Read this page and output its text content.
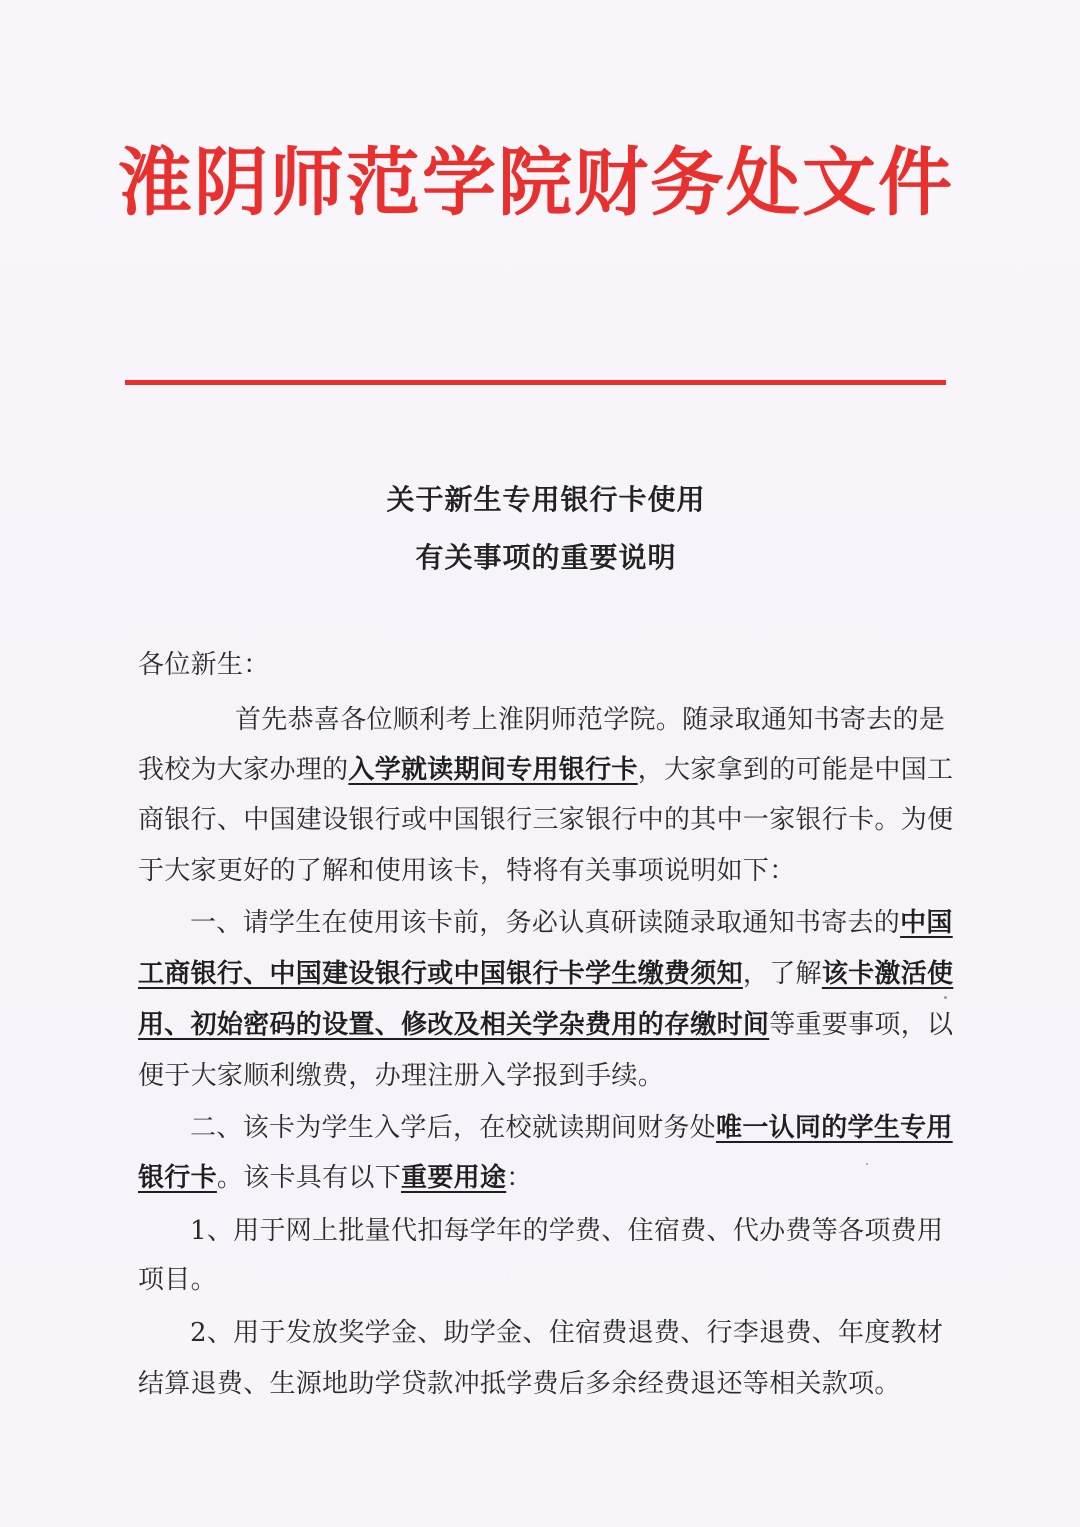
淮阴师范学院财务处文件
关于新生专用银行卡使用
有关事项的重要说明
各位新生：
首先恭喜各位顺利考上淮阴师范学院。随录取通知书寄去的是
我校为大家办理的入学就读期间专用银行卡，大家拿到的可能是中国工
商银行、中国建设银行或中国银行三家银行中的其中一家银行卡。为便
于大家更好的了解和使用该卡，特将有关事项说明如下：
一、请学生在使用该卡前，务必认真研读随录取通知书寄去的中国
工商银行、中国建设银行或中国银行卡学生缴费须知，了解该卡激活使
用、初始密码的设置、修改及相关学杂费用的存缴时间等重要事项，以
便于大家顺利缴费，办理注册入学报到手续。
二、该卡为学生入学后，在校就读期间财务处唯一认同的学生专用
银行卡。该卡具有以下重要用途：
1、用于网上批量代扣每学年的学费、住宿费、代办费等各项费用
项目。
2、用于发放奖学金、助学金、住宿费退费、行李退费、年度教材
结算退费、生源地助学贷款冲抵学费后多余经费退还等相关款项。
